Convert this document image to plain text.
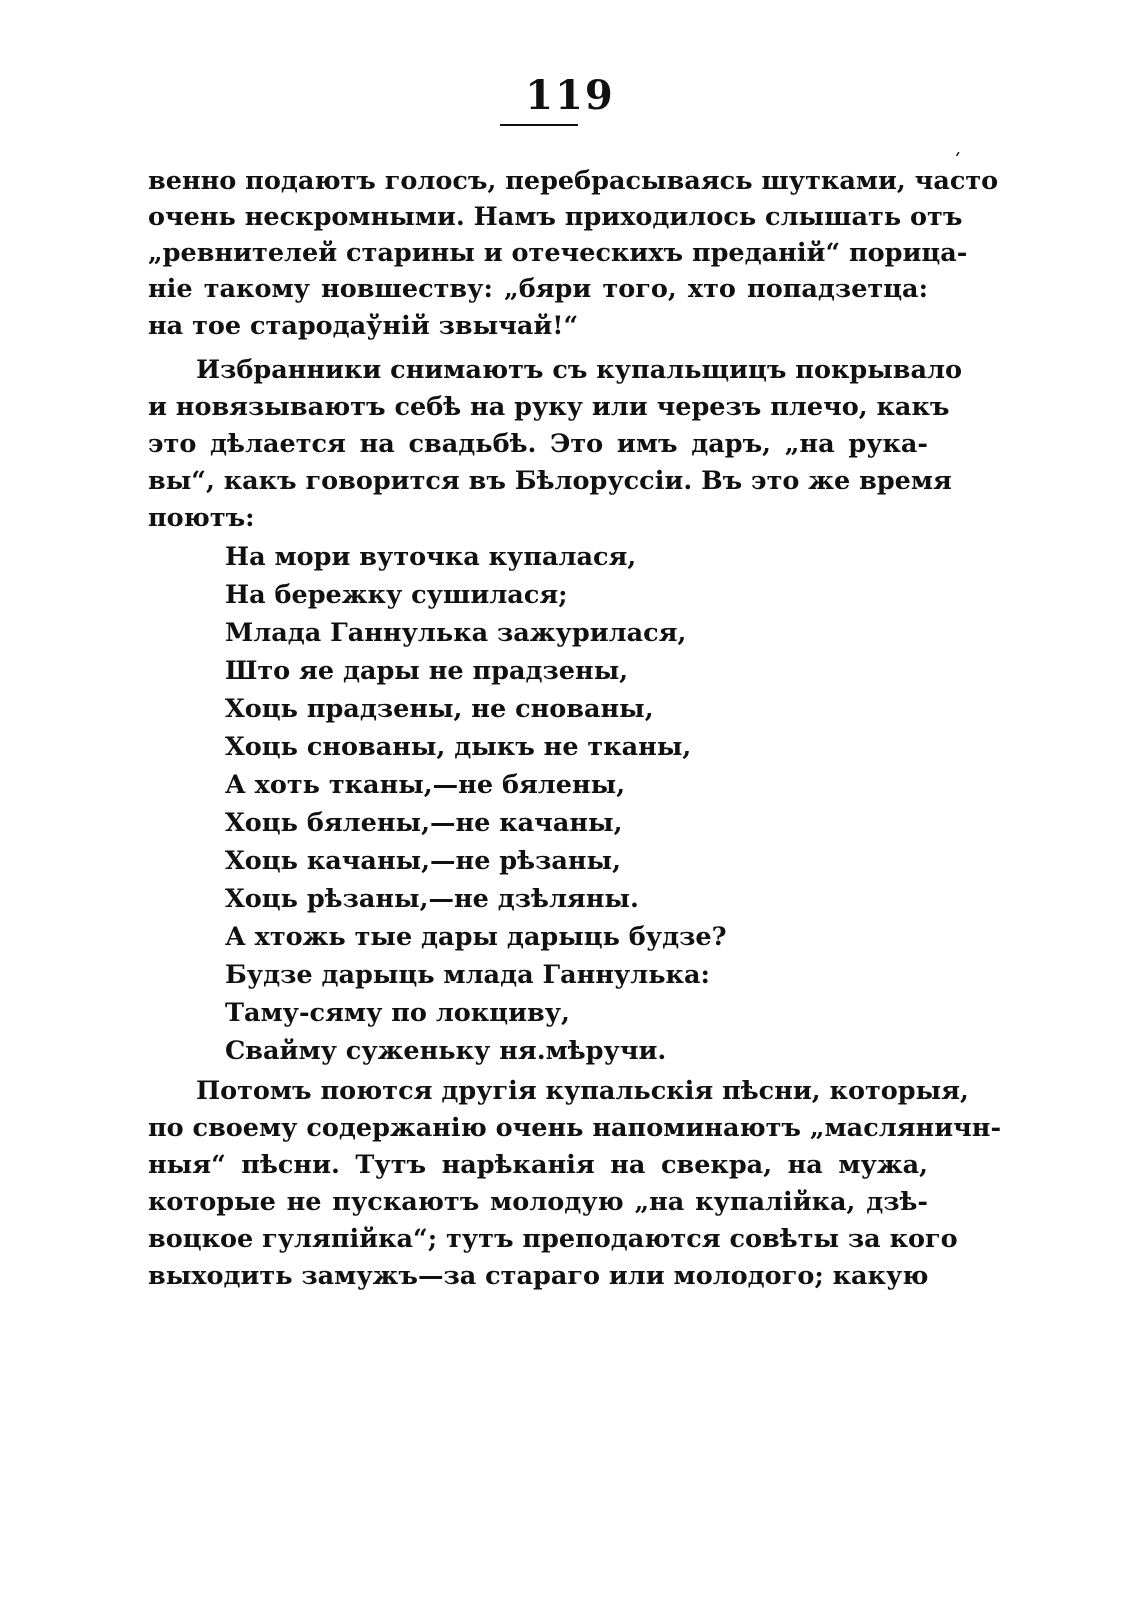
119
ʹ
венно подаютъ голосъ, перебрасываясь шутками, часто
очень нескромными. Намъ приходилось слышать отъ
„ревнителей старины и отеческихъ преданій“ порица-
ніе такому новшеству: „бяри того, хто попадзетца:
на тое стародаўній звычай!“
Избранники снимаютъ съ купальщицъ покрывало
и новязываютъ себѣ на руку или черезъ плечо, какъ
это дѣлается на свадьбѣ. Это имъ даръ, „на рука-
вы“, какъ говорится въ Бѣлоруссіи. Въ это же время
поютъ:
На мори вуточка купалася,
На бережку сушилася;
Млада Ганнулька зажурилася,
Што яе дары не прадзены,
Хоць прадзены, не снованы,
Хоць снованы, дыкъ не тканы,
А хоть тканы,—не бялены,
Хоць бялены,—не качаны,
Хоць качаны,—не рѣзаны,
Хоць рѣзаны,—не дзѣляны.
А хтожь тые дары дарыць будзе?
Будзе дарыць млада Ганнулька:
Таму-сяму по локциву,
Свайму суженьку ня.мѣручи.
Потомъ поются другія купальскія пѣсни, которыя,
по своему содержанію очень напоминаютъ „масляничн-
ныя“ пѣсни. Тутъ нарѣканія на свекра, на мужа,
которые не пускаютъ молодую „на купалійка, дзѣ-
воцкое гуляпійка“; тутъ преподаются совѣты за кого
выходить замужъ—за стараго или молодого; какую
